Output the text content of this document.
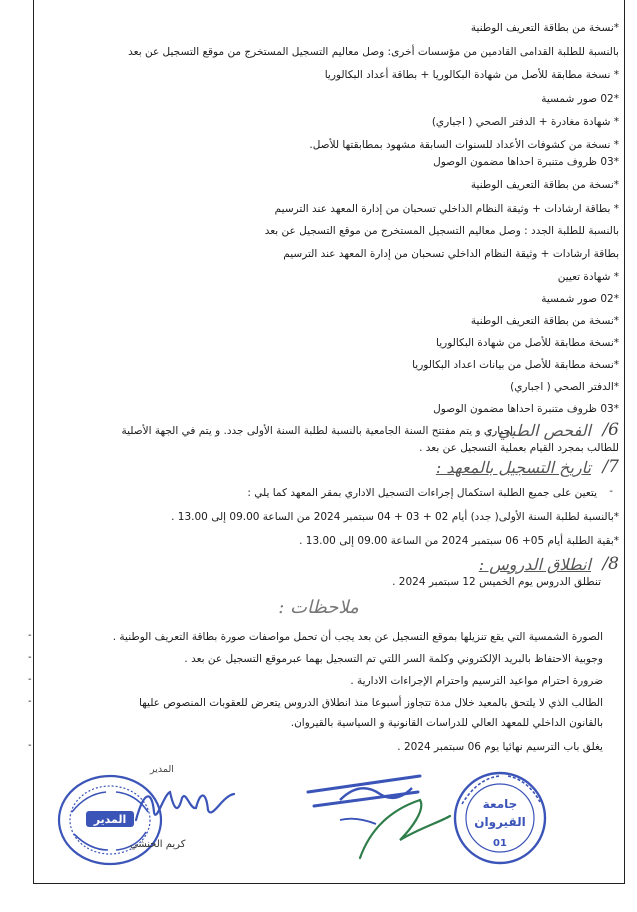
*نسخة من بطاقة التعريف الوطنية
بالنسبة للطلبة القدامى القادمين من مؤسسات أخرى: وصل معاليم التسجيل المستخرج من موقع التسجيل عن بعد
* نسخة مطابقة للأصل من شهادة البكالوريا + بطاقة أعداد البكالوريا
*02 صور شمسية
* شهادة مغادرة + الدفتر الصحي ( اجباري)
* نسخة من كشوفات الأعداد للسنوات السابقة مشهود بمطابقتها للأصل.
*03 ظروف متنبرة احداها مضمون الوصول
*نسخة من بطاقة التعريف الوطنية
* بطاقة ارشادات + وثيقة النظام الداخلي تسحبان من إدارة المعهد عند الترسيم
بالنسبة للطلبة الجدد : وصل معاليم التسجيل المستخرج من موقع التسجيل عن بعد
بطاقة ارشادات + وثيقة النظام الداخلي تسحبان من إدارة المعهد عند الترسيم
* شهادة تعيين
*02 صور شمسية
*نسخة من بطاقة التعريف الوطنية
*نسخة مطابقة للأصل من شهادة البكالوريا
*نسخة مطابقة للأصل من بيانات اعداد البكالوريا
*الدفتر الصحي ( اجباري)
*03 ظروف متنبرة احداها مضمون الوصول
/6
الفحص الطبي :
اجباري و يتم مفتتح السنة الجامعية بالنسبة لطلبة السنة الأولى جدد. و يتم في الجهة الأصلية
للطالب بمجرد القيام بعملية التسجيل عن بعد .
/7
تاريخ التسجيل بالمعهد :
يتعين على جميع الطلبة استكمال إجراءات التسجيل الاداري بمقر المعهد كما يلي : -
*بالنسبة لطلبة السنة الأولى( جدد) أيام 02 + 03 + 04 سبتمبر 2024 من الساعة 09.00 إلى 13.00 .
*بقية الطلبة أيام 05+ 06 سبتمبر 2024 من الساعة 09.00 إلى 13.00 .
/8
انطلاق الدروس :
تنطلق الدروس يوم الخميس 12 سبتمبر 2024 .
ملاحظات :
الصورة الشمسية التي يقع تنزيلها بموقع التسجيل عن بعد يجب أن تحمل مواصفات صورة بطاقة التعريف الوطنية .
-
وجوبية الاحتفاظ بالبريد الإلكتروني وكلمة السر اللتي تم التسجيل بهما عبرموقع التسجيل عن بعد .
-
ضرورة احترام مواعيد الترسيم واحترام الإجراءات الادارية .
-
الطالب الذي لا يلتحق بالمعيد خلال مدة تتجاوز أسبوعا منذ انطلاق الدروس يتعرض للعقوبات المنصوص عليها
-
بالقانون الداخلي للمعهد العالي للدراسات القانونية و السياسية بالقيروان.
يغلق باب الترسيم نهائيا يوم 06 سبتمبر 2024 .
-
المدير
المدير
كريم الحنشي
جامعة
القيروان
01
